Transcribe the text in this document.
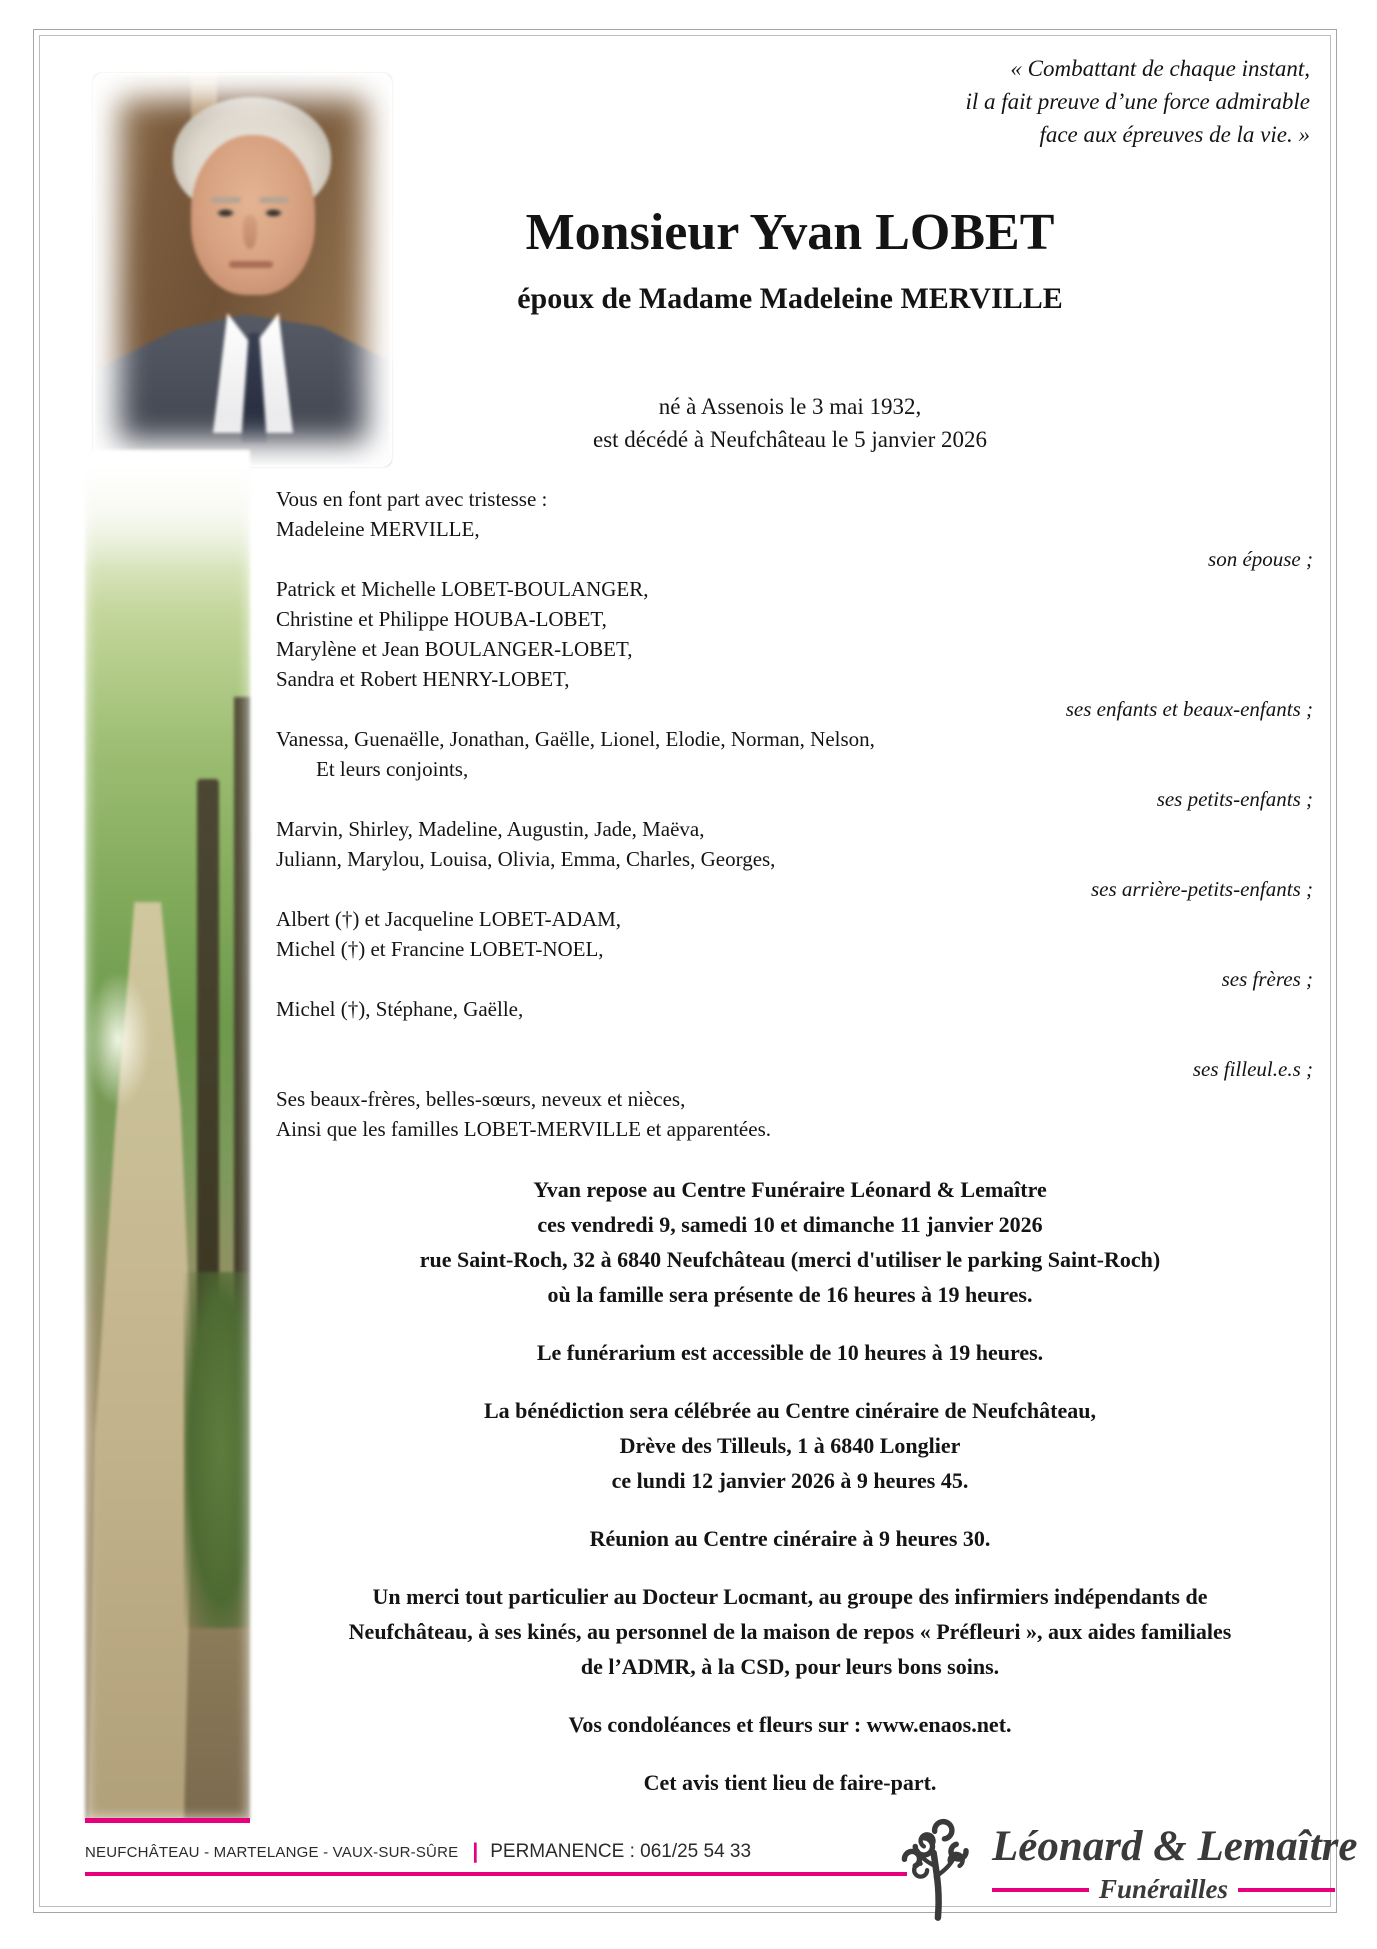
« Combattant de chaque instant,
il a fait preuve d’une force admirable
face aux épreuves de la vie. »
Monsieur Yvan LOBET
époux de Madame Madeleine MERVILLE
né à Assenois le 3 mai 1932,
est décédé à Neufchâteau le 5 janvier 2026
Vous en font part avec tristesse :
Madeleine MERVILLE,
son épouse ;
Patrick et Michelle LOBET-BOULANGER,
Christine et Philippe HOUBA-LOBET,
Marylène et Jean BOULANGER-LOBET,
Sandra et Robert HENRY-LOBET,
ses enfants et beaux-enfants ;
Vanessa, Guenaëlle, Jonathan, Gaëlle, Lionel, Elodie, Norman, Nelson,
Et leurs conjoints,
ses petits-enfants ;
Marvin, Shirley, Madeline, Augustin, Jade, Maëva,
Juliann, Marylou, Louisa, Olivia, Emma, Charles, Georges,
ses arrière-petits-enfants ;
Albert (†) et Jacqueline LOBET-ADAM,
Michel (†) et Francine LOBET-NOEL,
ses frères ;
Michel (†), Stéphane, Gaëlle,
ses filleul.e.s ;
Ses beaux-frères, belles-sœurs, neveux et nièces,
Ainsi que les familles LOBET-MERVILLE et apparentées.

Yvan repose au Centre Funéraire Léonard & Lemaître
ces vendredi 9, samedi 10 et dimanche 11 janvier 2026
rue Saint-Roch, 32 à 6840 Neufchâteau (merci d'utiliser le parking Saint-Roch)
où la famille sera présente de 16 heures à 19 heures.

Le funérarium est accessible de 10 heures à 19 heures.

La bénédiction sera célébrée au Centre cinéraire de Neufchâteau,
Drève des Tilleuls, 1 à 6840 Longlier
ce lundi 12 janvier 2026 à 9 heures 45.

Réunion au Centre cinéraire à 9 heures 30.

Un merci tout particulier au Docteur Locmant, au groupe des infirmiers indépendants de
Neufchâteau, à ses kinés, au personnel de la maison de repos « Préfleuri », aux aides familiales
de l’ADMR, à la CSD, pour leurs bons soins.

Vos condoléances et fleurs sur : www.enaos.net.

Cet avis tient lieu de faire-part.

NEUFCHÂTEAU - MARTELANGE - VAUX-SUR-SÛRE | PERMANENCE : 061/25 54 33	Léonard & Lemaître
Funérailles
